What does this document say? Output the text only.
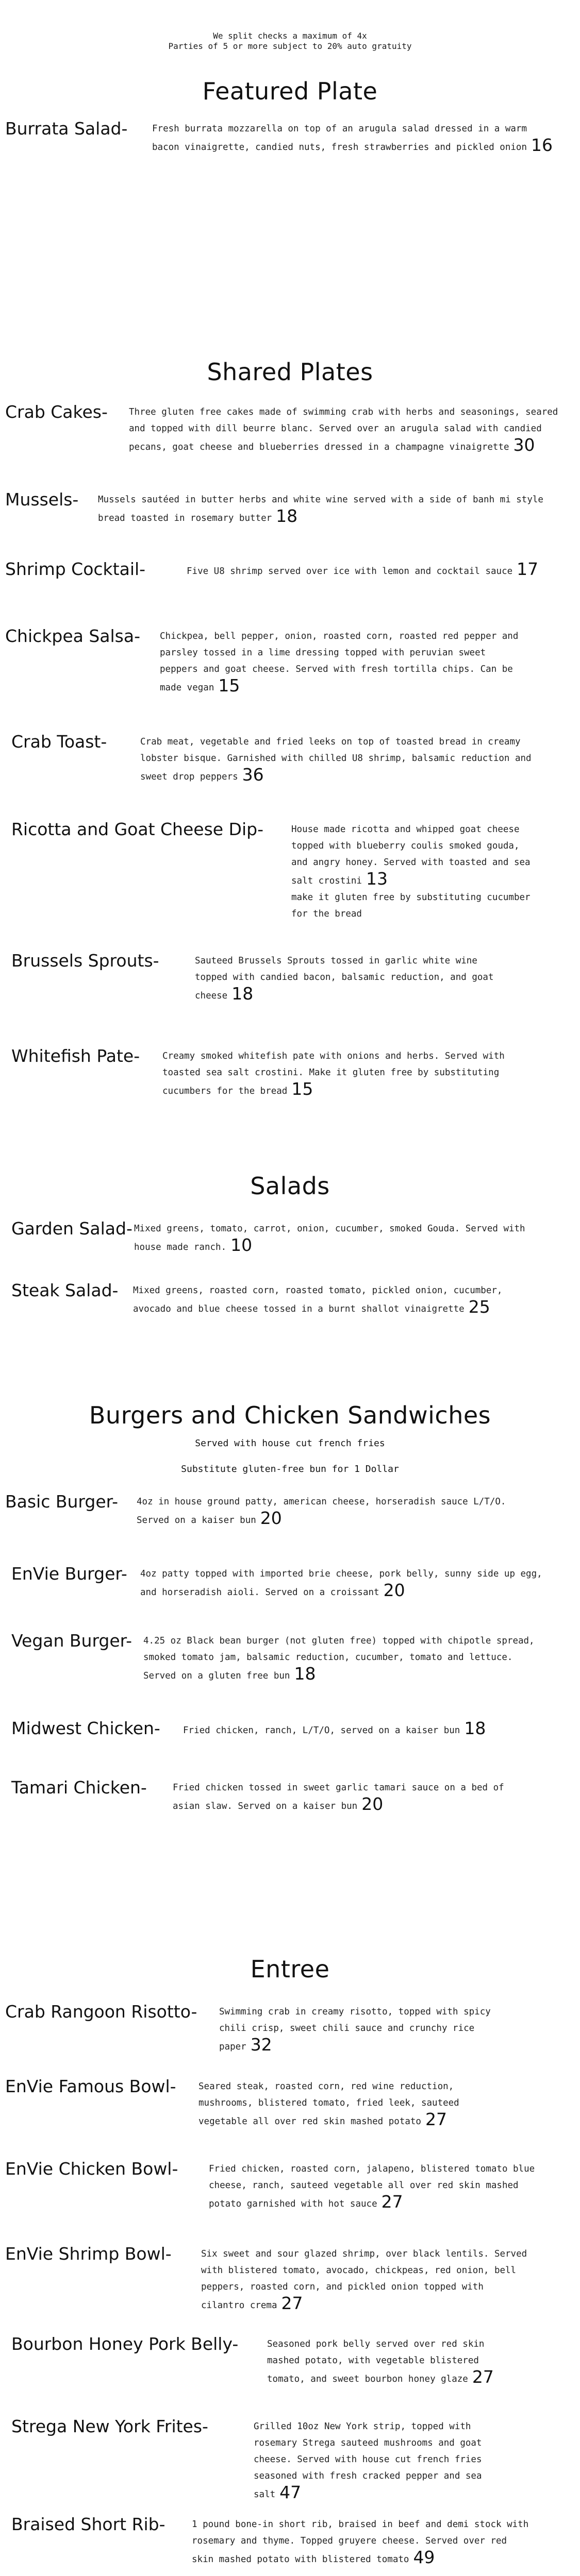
We split checks a maximum of 4x
Parties of 5 or more subject to 20% auto gratuity
Featured Plate
Burrata Salad-	Fresh burrata mozzarella on top of an arugula salad dressed in a warm bacon vinaigrette, candied nuts, fresh strawberries and pickled onion 16
Shared Plates
Crab Cakes- Three gluten free cakes made of swimming crab with herbs and seasonings, seared and topped with dill beurre blanc. Served over an arugula salad with candied pecans, goat cheese and blueberries dressed in a champagne vinaigrette 30
Mussels- Mussels sautéed in butter herbs and white wine served with a side of banh mi style bread toasted in rosemary butter 18
Shrimp Cocktail-	Five U8 shrimp served over ice with lemon and cocktail sauce 17
Chickpea Salsa- Chickpea, bell pepper, onion, roasted corn, roasted red pepper and parsley tossed in a lime dressing topped with peruvian sweet peppers and goat cheese. Served with fresh tortilla chips. Can be made vegan 15
Crab Toast-	Crab meat, vegetable and fried leeks on top of toasted bread in creamy lobster bisque. Garnished with chilled U8 shrimp, balsamic reduction and sweet drop peppers 36
Ricotta and Goat Cheese Dip-	House made ricotta and whipped goat cheese topped with blueberry coulis smoked gouda, and angry honey. Served with toasted and sea salt crostini 13
make it gluten free by substituting cucumber for the bread
Brussels Sprouts-	Sauteed Brussels Sprouts tossed in garlic white wine topped with candied bacon, balsamic reduction, and goat cheese 18
Whitefish Pate-	Creamy smoked whitefish pate with onions and herbs. Served with toasted sea salt crostini. Make it gluten free by substituting cucumbers for the bread 15
Salads
Garden Salad- Mixed greens, tomato, carrot, onion, cucumber, smoked Gouda. Served with house made ranch. 10
Steak Salad- Mixed greens, roasted corn, roasted tomato, pickled onion, cucumber, avocado and blue cheese tossed in a burnt shallot vinaigrette 25
Burgers and Chicken Sandwiches
Served with house cut french fries
Substitute gluten-free bun for 1 Dollar
Basic Burger- 4oz in house ground patty, american cheese, horseradish sauce L/T/O. Served on a kaiser bun 20
EnVie Burger- 4oz patty topped with imported brie cheese, pork belly, sunny side up egg, and horseradish aioli. Served on a croissant 20
Vegan Burger- 4.25 oz Black bean burger (not gluten free) topped with chipotle spread, smoked tomato jam, balsamic reduction, cucumber, tomato and lettuce. Served on a gluten free bun 18
Midwest Chicken-	Fried chicken, ranch, L/T/O, served on a kaiser bun 18
Tamari Chicken-	Fried chicken tossed in sweet garlic tamari sauce on a bed of asian slaw. Served on a kaiser bun 20
Entree
Crab Rangoon Risotto- Swimming crab in creamy risotto, topped with spicy chili crisp, sweet chili sauce and crunchy rice paper 32
EnVie Famous Bowl- Seared steak, roasted corn, red wine reduction, mushrooms, blistered tomato, fried leek, sauteed vegetable all over red skin mashed potato 27
EnVie Chicken Bowl-	Fried chicken, roasted corn, jalapeno, blistered tomato blue cheese, ranch, sauteed vegetable all over red skin mashed potato garnished with hot sauce 27
EnVie Shrimp Bowl-	Six sweet and sour glazed shrimp, over black lentils. Served with blistered tomato, avocado, chickpeas, red onion, bell peppers, roasted corn, and pickled onion topped with cilantro crema 27
Bourbon Honey Pork Belly-	Seasoned pork belly served over red skin mashed potato, with vegetable blistered tomato, and sweet bourbon honey glaze 27
Strega New York Frites-	Grilled 10oz New York strip, topped with rosemary Strega sauteed mushrooms and goat cheese. Served with house cut french fries seasoned with fresh cracked pepper and sea salt 47
Braised Short Rib-	1 pound bone-in short rib, braised in beef and demi stock with rosemary and thyme. Topped gruyere cheese. Served over red skin mashed potato with blistered tomato 49
